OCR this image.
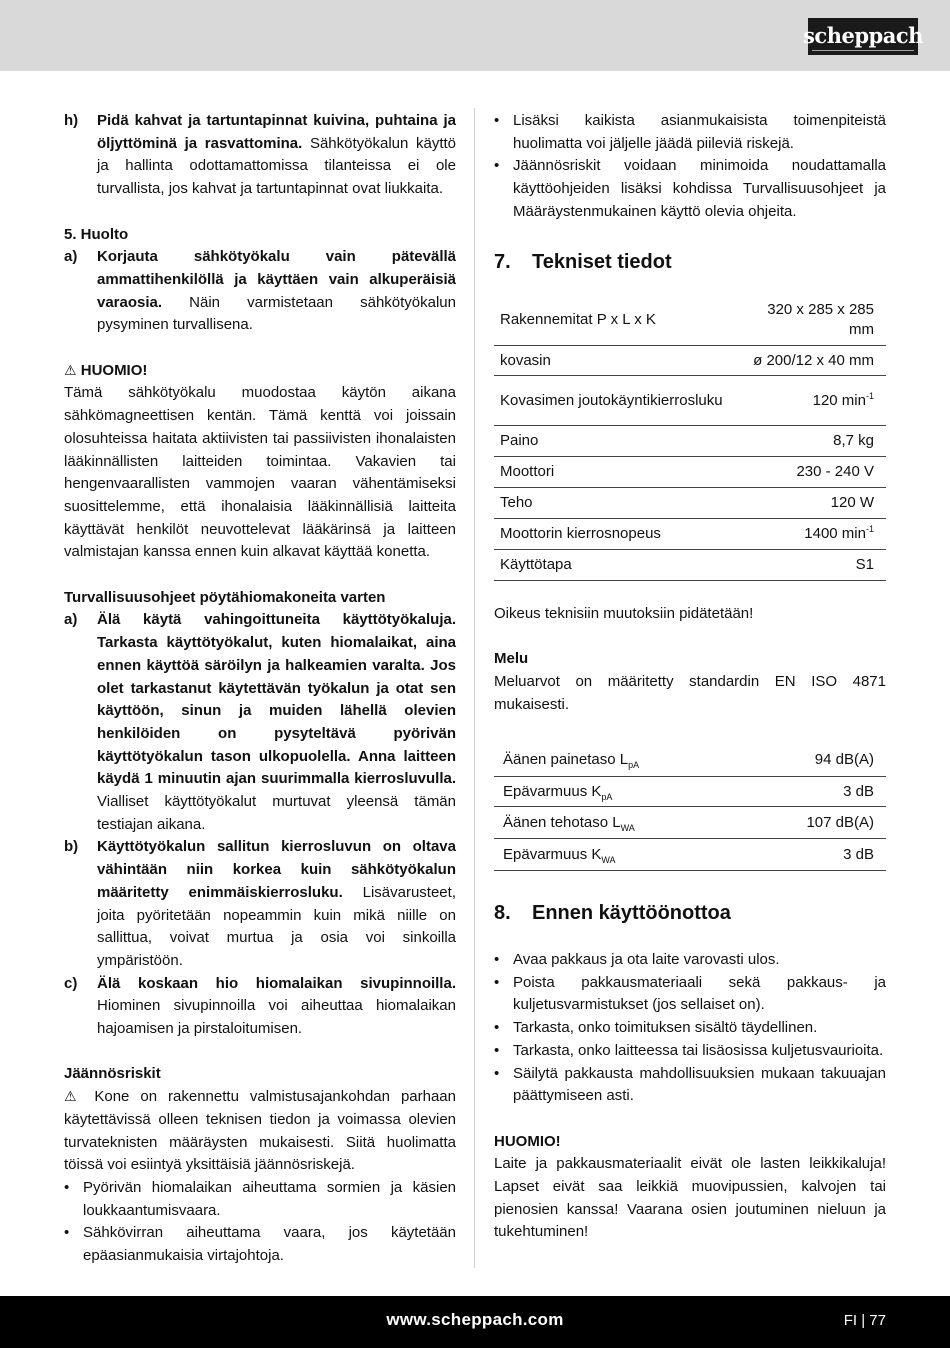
scheppach
h)	Pidä kahvat ja tartuntapinnat kuivina, puhtaina ja öljyttöminä ja rasvattomina. Sähkötyökalun käyttö ja hallinta odottamattomissa tilanteissa ei ole turvallista, jos kahvat ja tartuntapinnat ovat liukkaita.

5. Huolto

a)	Korjauta sähkötyökalu vain pätevällä ammattihenkilöllä ja käyttäen vain alkuperäisiä varaosia. Näin varmistetaan sähkötyökalun pysyminen turvallisena.

⚠ HUOMIO!

Tämä sähkötyökalu muodostaa käytön aikana sähkömagneettisen kentän. Tämä kenttä voi joissain olosuhteissa haitata aktiivisten tai passiivisten ihonalaisten lääkinnällisten laitteiden toimintaa. Vakavien tai hengenvaarallisten vammojen vaaran vähentämiseksi suosittelemme, että ihonalaisia lääkinnällisiä laitteita käyttävät henkilöt neuvottelevat lääkärinsä ja laitteen valmistajan kanssa ennen kuin alkavat käyttää konetta.

Turvallisuusohjeet pöytähiomakoneita varten

a)	Älä käytä vahingoittuneita käyttötyökaluja. Tarkasta käyttötyökalut, kuten hiomalaikat, aina ennen käyttöä säröilyn ja halkeamien varalta. Jos olet tarkastanut käytettävän työkalun ja otat sen käyttöön, sinun ja muiden lähellä olevien henkilöiden on pysyteltävä pyörivän käyttötyökalun tason ulkopuolella. Anna laitteen käydä 1 minuutin ajan suurimmalla kierrosluvulla. Vialliset käyttötyökalut murtuvat yleensä tämän testiajan aikana.
b)	Käyttötyökalun sallitun kierrosluvun on oltava vähintään niin korkea kuin sähkötyökalun määritetty enimmäiskierrosluku. Lisävarusteet, joita pyöritetään nopeammin kuin mikä niille on sallittua, voivat murtua ja osia voi sinkoilla ympäristöön.
c)	Älä koskaan hio hiomalaikan sivupinnoilla. Hiominen sivupinnoilla voi aiheuttaa hiomalaikan hajoamisen ja pirstaloitumisen.

Jäännösriskit

⚠ Kone on rakennettu valmistusajankohdan parhaan käytettävissä olleen teknisen tiedon ja voimassa olevien turvateknisten määräysten mukaisesti. Siitä huolimatta töissä voi esiintyä yksittäisiä jäännösriskejä.

• Pyörivän hiomalaikan aiheuttama sormien ja käsien loukkaantumisvaara.
• Sähkövirran aiheuttama vaara, jos käytetään epäasianmukaisia virtajohtoja.
• Lisäksi kaikista asianmukaisista toimenpiteistä huolimatta voi jäljelle jäädä piileviä riskejä.
• Jäännösriskit voidaan minimoida noudattamalla käyttöohjeiden lisäksi kohdissa Turvallisuusohjeet ja Määräystenmukainen käyttö olevia ohjeita.
7.	Tekniset tiedot
Rakennemitat P x L x K	320 x 285 x 285 mm
kovasin	ø 200/12 x 40 mm
Kovasimen joutokäyntikierrosluku	120 $\min^{-1}$
Paino	8,7 kg
Moottori	230 - 240 V
Teho	120 W
Moottorin kierrosnopeus	1400 $\min^{-1}$
Käyttötapa	S1

Oikeus teknisiin muutoksiin pidätetään!

Melu

Meluarvot on määritetty standardin EN ISO 4871 mukaisesti.

Äänen painetaso $L_{pA}$	94 dB(A)
Epävarmuus $K_{pA}$	3 dB
Äänen tehotaso $L_{WA}$	107 dB(A)
Epävarmuus $K_{WA}$	3 dB
8.	Ennen käyttöönottoa
• Avaa pakkaus ja ota laite varovasti ulos.
• Poista pakkausmateriaali sekä pakkaus- ja kuljetusvarmistukset (jos sellaiset on).
• Tarkasta, onko toimituksen sisältö täydellinen.
• Tarkasta, onko laitteessa tai lisäosissa kuljetusvaurioita.
• Säilytä pakkausta mahdollisuuksien mukaan takuuajan päättymiseen asti.

HUOMIO!

Laite ja pakkausmateriaalit eivät ole lasten leikkikaluja! Lapset eivät saa leikkiä muovipussien, kalvojen tai pienosien kanssa! Vaarana osien joutuminen nieluun ja tukehtuminen!

www.scheppach.com	FI | 77
